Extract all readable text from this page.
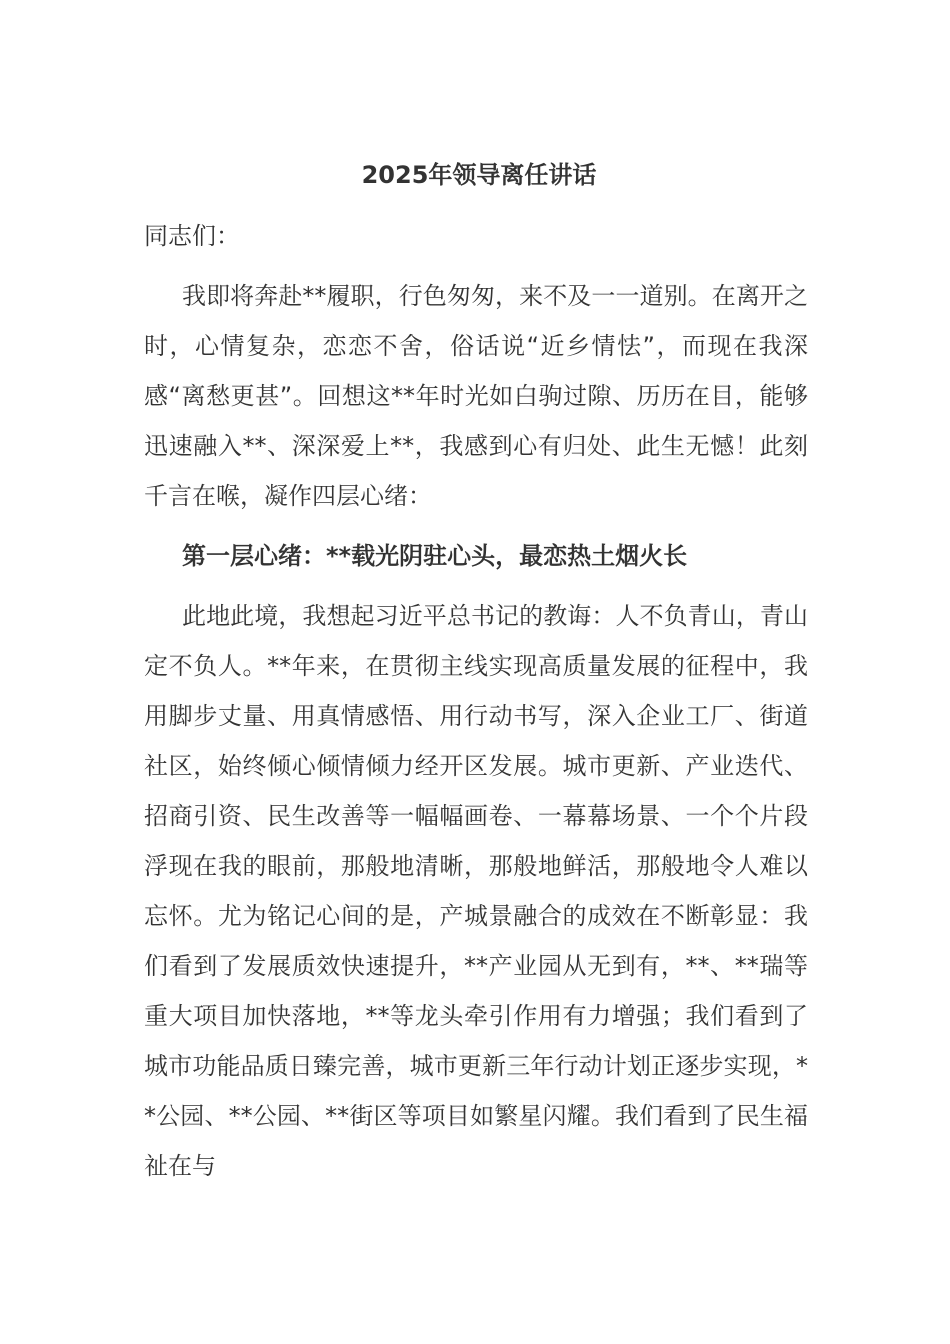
2025年领导离任讲话

同志们：

我即将奔赴**履职，行色匆匆，来不及一一道别。在离开之时，心情复杂，恋恋不舍，俗话说“近乡情怯”，而现在我深感“离愁更甚”。回想这**年时光如白驹过隙、历历在目，能够迅速融入**、深深爱上**，我感到心有归处、此生无憾！此刻千言在喉，凝作四层心绪：

第一层心绪：**载光阴驻心头，最恋热土烟火长

此地此境，我想起习近平总书记的教诲：人不负青山，青山定不负人。**年来，在贯彻主线实现高质量发展的征程中，我用脚步丈量、用真情感悟、用行动书写，深入企业工厂、街道社区，始终倾心倾情倾力经开区发展。城市更新、产业迭代、招商引资、民生改善等一幅幅画卷、一幕幕场景、一个个片段浮现在我的眼前，那般地清晰，那般地鲜活，那般地令人难以忘怀。尤为铭记心间的是，产城景融合的成效在不断彰显：我们看到了发展质效快速提升，**产业园从无到有，**、**瑞等重大项目加快落地，**等龙头牵引作用有力增强；我们看到了城市功能品质日臻完善，城市更新三年行动计划正逐步实现，**公园、**公园、**街区等项目如繁星闪耀。我们看到了民生福祉在与
